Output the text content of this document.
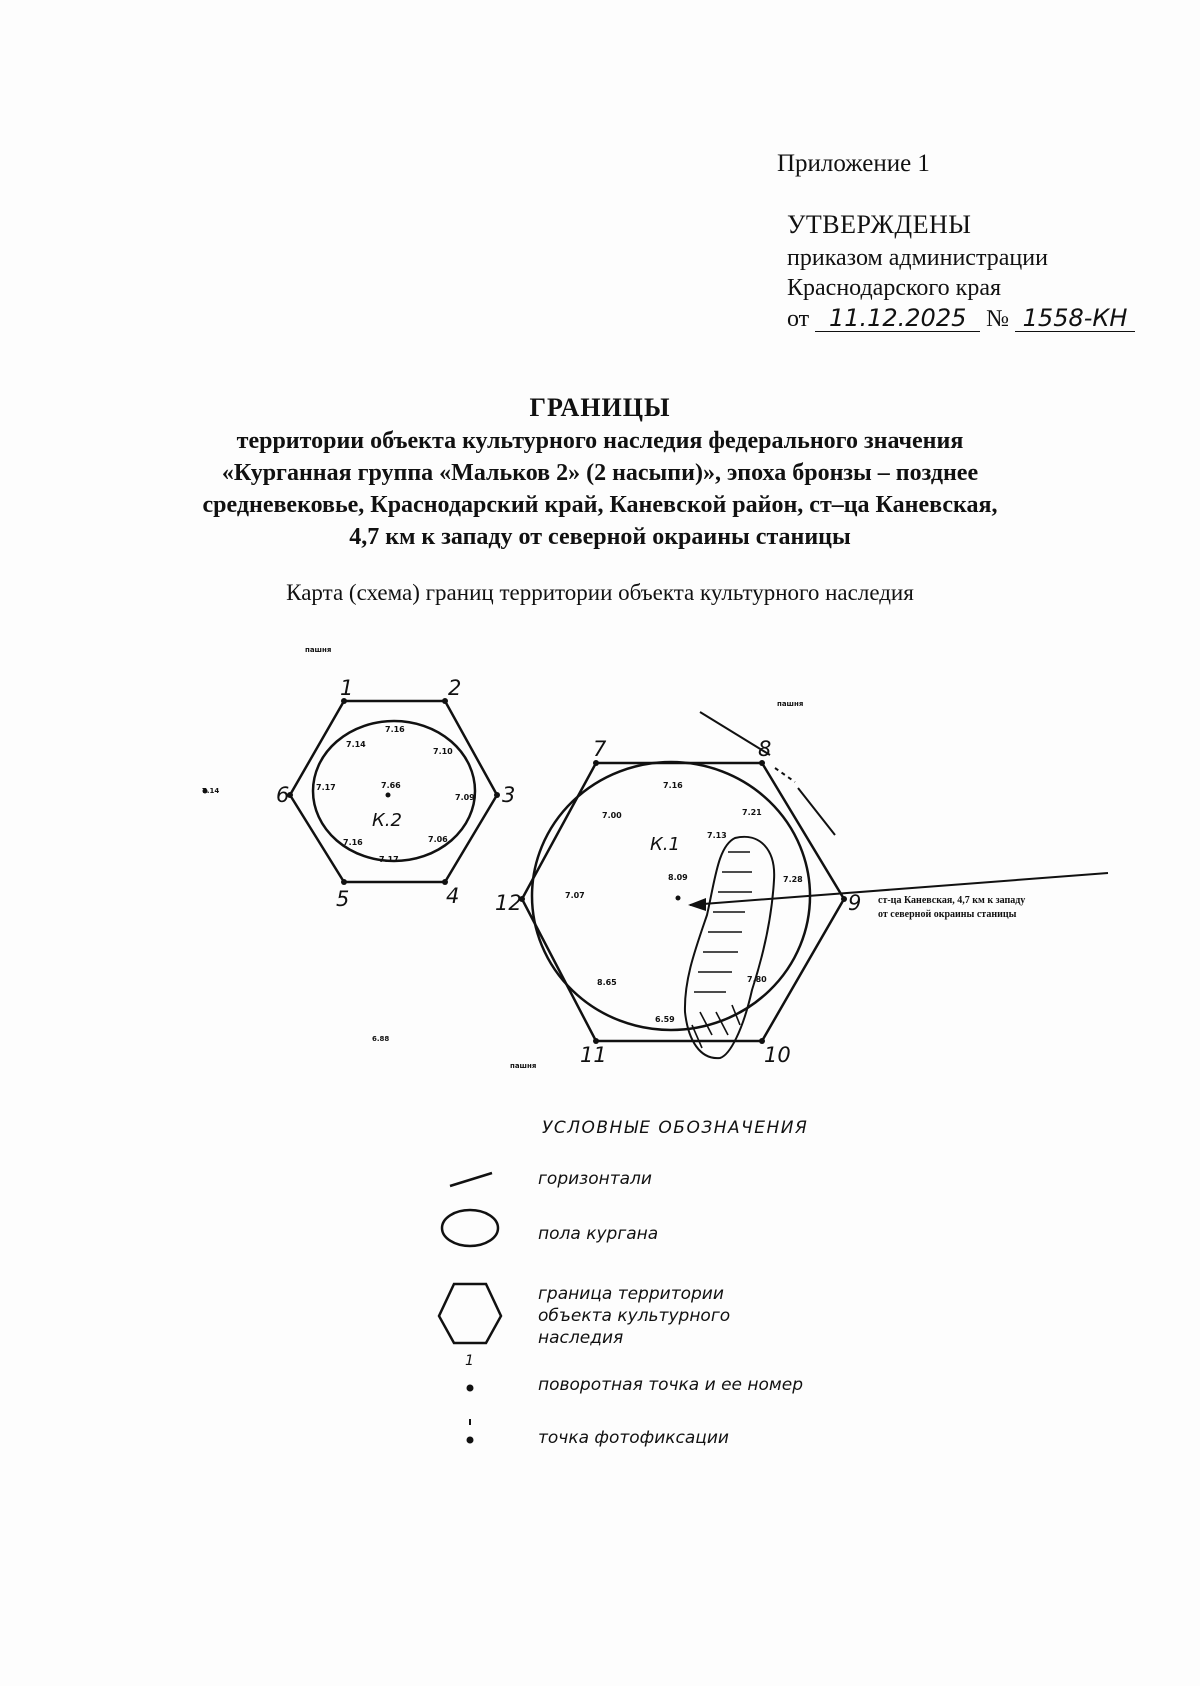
Приложение 1
УТВЕРЖДЕНЫ
приказом администрации
Краснодарского края
от 11.12.2025 № 1558-КН
ГРАНИЦЫ
территории объекта культурного наследия федерального значения
«Курганная группа «Мальков 2» (2 насыпи)», эпоха бронзы – позднее
средневековье, Краснодарский край, Каневской район, ст–ца Каневская,
4,7 км к западу от северной окраины станицы
Карта (схема) границ территории объекта культурного наследия
1	2
3
4
5
6
7	8
9
10
11
12
К.2
К.1
7.16
7.14
7.10
7.17	7.66
7.09
7.16	7.06
7.17
7.16
7.21
7.00
7.13
8.09
7.07
7.28
8.65	7.80
6.59
пашня
пашня
пашня
6.88
7.14
ст-ца Каневская, 4,7 км к западу
от северной окраины станицы
УСЛОВНЫЕ ОБОЗНАЧЕНИЯ
горизонтали
пола кургана
граница территории объекта культурного наследия
1
поворотная точка и ее номер
точка фотофиксации
